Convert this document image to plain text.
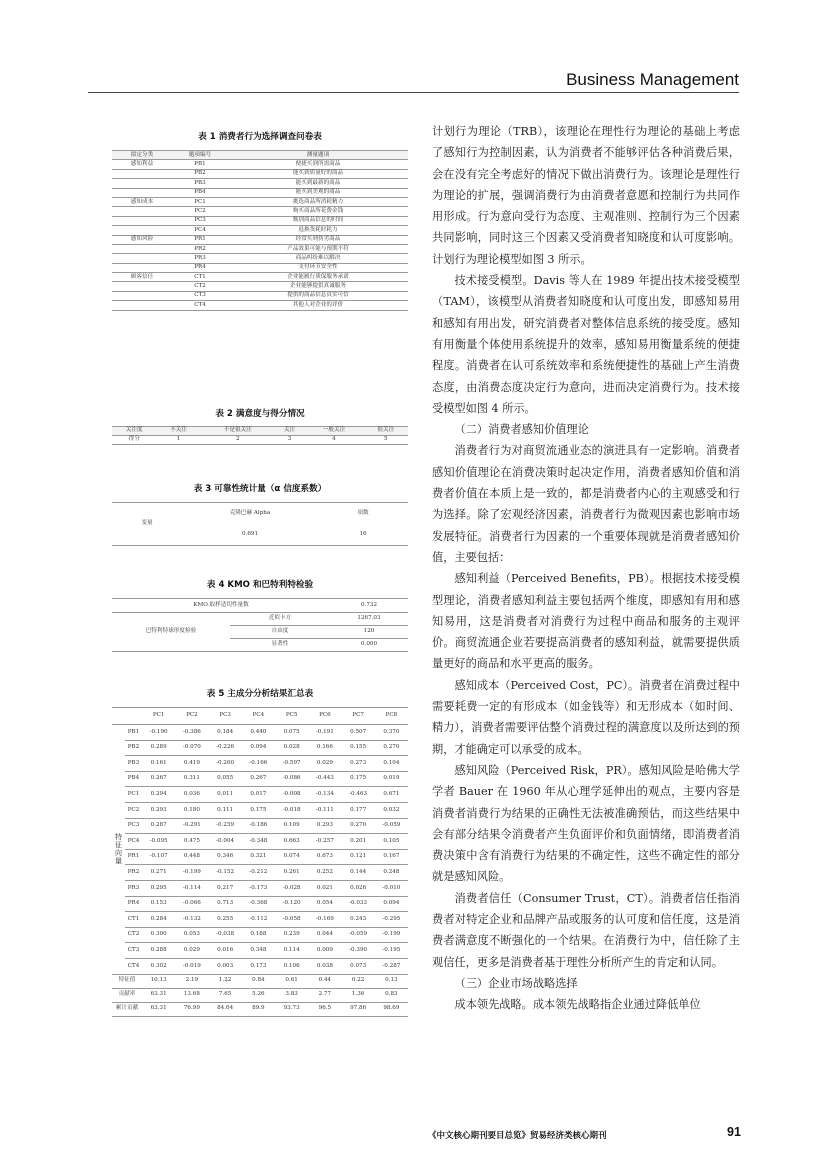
Business Management
表 1 消费者行为选择调查问卷表
拟定分类	题项编号	测量题项
感知利益	PB1	便捷买到所需商品
	PB2	能买到质量好的商品
	PB3	能买到最新的商品
	PB4	能买到美观的商品
感知成本	PC1	挑选商品所消耗精力
	PC2	购买商品所花费金钱
	PC3	甄别商品信息的时间
	PC4	退换货耗时耗力
感知风险	PR1	经常买到伪劣商品
	PR2	产品效果可能与预期不符
	PR3	商品纠纷难以解决
	PR4	支付环节安全性
顾客信任	CT1	企业能履行质保服务承诺
	CT2	企业能够提供真诚服务
	CT3	提供的商品信息真实可信
	CT4	其他人对企业的评价
表 2 满意度与得分情况
关注度	不关注	不是很关注	关注	一般关注	很关注
得分	1	2	3	4	5
表 3 可靠性统计量（α 信度系数）
变量	克隆巴赫 Alpha	项数
	0.691	16
表 4 KMO 和巴特利特检验
KMO 取样适切性量数		0.732
巴特利特球形度检验	近似卡方	1267.03
	自由度	120
	显著性	0.000
表 5 主成分分析结果汇总表
		PC1	PC2	PC3	PC4	PC5	PC6	PC7	PC8
特征向量	PB1	-0.190	-0.386	0.184	0.440	0.075	-0.191	0.507	0.370
	PB2	0.289	-0.070	-0.226	0.094	0.028	0.166	0.155	0.270
	PB3	0.161	0.419	-0.260	-0.166	-0.597	0.029	0.273	0.104
	PB4	0.267	0.311	0.055	0.267	-0.086	-0.443	0.175	0.019
	PC1	0.294	0.036	0.011	0.017	-0.008	-0.134	-0.463	0.671
	PC2	0.293	0.180	0.111	0.175	-0.018	-0.111	0.177	0.032
	PC3	0.287	-0.291	-0.259	-0.186	0.109	0.293	0.270	-0.059
	PC4	-0.095	0.475	-0.004	-0.348	0.663	-0.257	0.201	0.105
	PR1	-0.107	0.448	0.346	0.321	0.074	0.673	0.121	0.167
	PR2	0.271	-0.199	-0.152	-0.212	0.261	0.252	0.144	0.248
	PR3	0.295	-0.114	0.217	-0.173	-0.028	0.021	0.026	-0.010
	PR4	0.153	-0.066	0.713	-0.368	-0.120	0.054	-0.033	0.094
	CT1	0.284	-0.132	0.255	-0.112	-0.058	-0.169	0.243	-0.295
	CT2	0.300	0.053	-0.038	0.188	0.239	0.044	-0.059	-0.199
	CT3	0.288	0.029	0.016	0.348	0.114	0.009	-0.390	-0.195
	CT4	0.302	-0.019	0.003	0.173	0.106	0.038	0.073	-0.287
特征值		10.13	2.19	1.22	0.84	0.61	0.44	0.22	0.13
贡献率		63.31	13.68	7.65	5.26	3.83	2.77	1.36	0.83
累计贡献		63.31	76.99	84.64	89.9	93.73	96.5	97.86	98.69

计划行为理论（TRB），该理论在理性行为理论的基础上考虑了感知行为控制因素，认为消费者不能够评估各种消费后果，会在没有完全考虑好的情况下做出消费行为。该理论是理性行为理论的扩展，强调消费行为由消费者意愿和控制行为共同作用形成。行为意向受行为态度、主观准则、控制行为三个因素共同影响，同时这三个因素又受消费者知晓度和认可度影响。计划行为理论模型如图 3 所示。

技术接受模型。Davis 等人在 1989 年提出技术接受模型（TAM），该模型从消费者知晓度和认可度出发，即感知易用和感知有用出发，研究消费者对整体信息系统的接受度。感知有用衡量个体使用系统提升的效率，感知易用衡量系统的便捷程度。消费者在认可系统效率和系统便捷性的基础上产生消费态度，由消费态度决定行为意向，进而决定消费行为。技术接受模型如图 4 所示。

（二）消费者感知价值理论

消费者行为对商贸流通业态的演进具有一定影响。消费者感知价值理论在消费决策时起决定作用，消费者感知价值和消费者价值在本质上是一致的，都是消费者内心的主观感受和行为选择。除了宏观经济因素，消费者行为微观因素也影响市场发展特征。消费者行为因素的一个重要体现就是消费者感知价值，主要包括：

感知利益（Perceived Benefits，PB）。根据技术接受模型理论，消费者感知利益主要包括两个维度，即感知有用和感知易用，这是消费者对消费行为过程中商品和服务的主观评价。商贸流通企业若要提高消费者的感知利益，就需要提供质量更好的商品和水平更高的服务。

感知成本（Perceived Cost，PC）。消费者在消费过程中需要耗费一定的有形成本（如金钱等）和无形成本（如时间、精力），消费者需要评估整个消费过程的满意度以及所达到的预期，才能确定可以承受的成本。

感知风险（Perceived Risk，PR）。感知风险是哈佛大学学者 Bauer 在 1960 年从心理学延伸出的观点，主要内容是消费者消费行为结果的正确性无法被准确预估，而这些结果中会有部分结果令消费者产生负面评价和负面情绪，即消费者消费决策中含有消费行为结果的不确定性，这些不确定性的部分就是感知风险。

消费者信任（Consumer Trust，CT）。消费者信任指消费者对特定企业和品牌产品或服务的认可度和信任度，这是消费者满意度不断强化的一个结果。在消费行为中，信任除了主观信任，更多是消费者基于理性分析所产生的肯定和认同。

（三）企业市场战略选择

成本领先战略。成本领先战略指企业通过降低单位

《中文核心期刊要目总览》贸易经济类核心期刊	91
